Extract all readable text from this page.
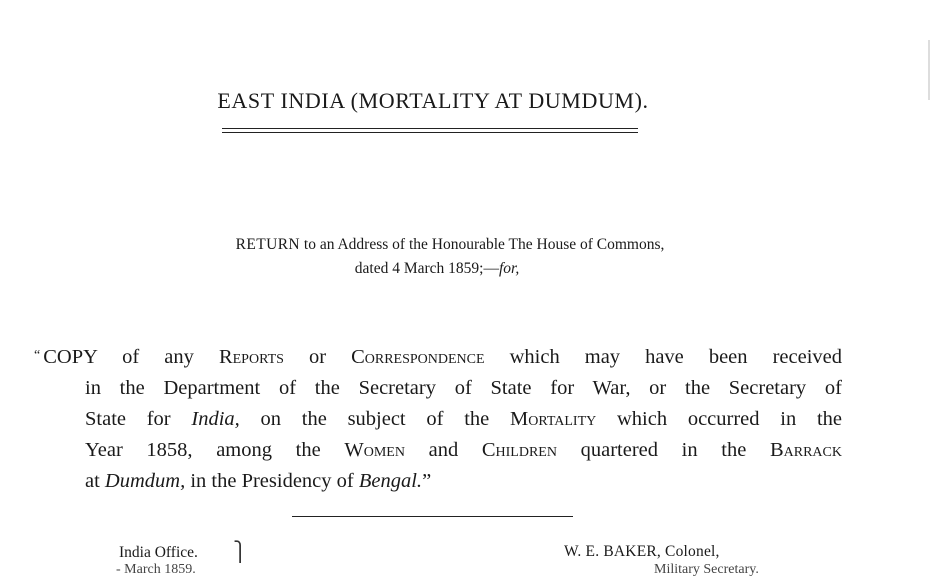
EAST INDIA (MORTALITY AT DUMDUM).
RETURN to an Address of the Honourable The House of Commons,
dated 4 March 1859;—for,
“ COPY of any Reports or Correspondence which may have been received
in the Department of the Secretary of State for War, or the Secretary of
State for India, on the subject of the Mortality which occurred in the
Year 1858, among the Women and Children quartered in the Barrack
at Dumdum, in the Presidency of Bengal.”
India Office. ⎫	W. E. BAKER, Colonel,
- March 1859.	Military Secretary.
